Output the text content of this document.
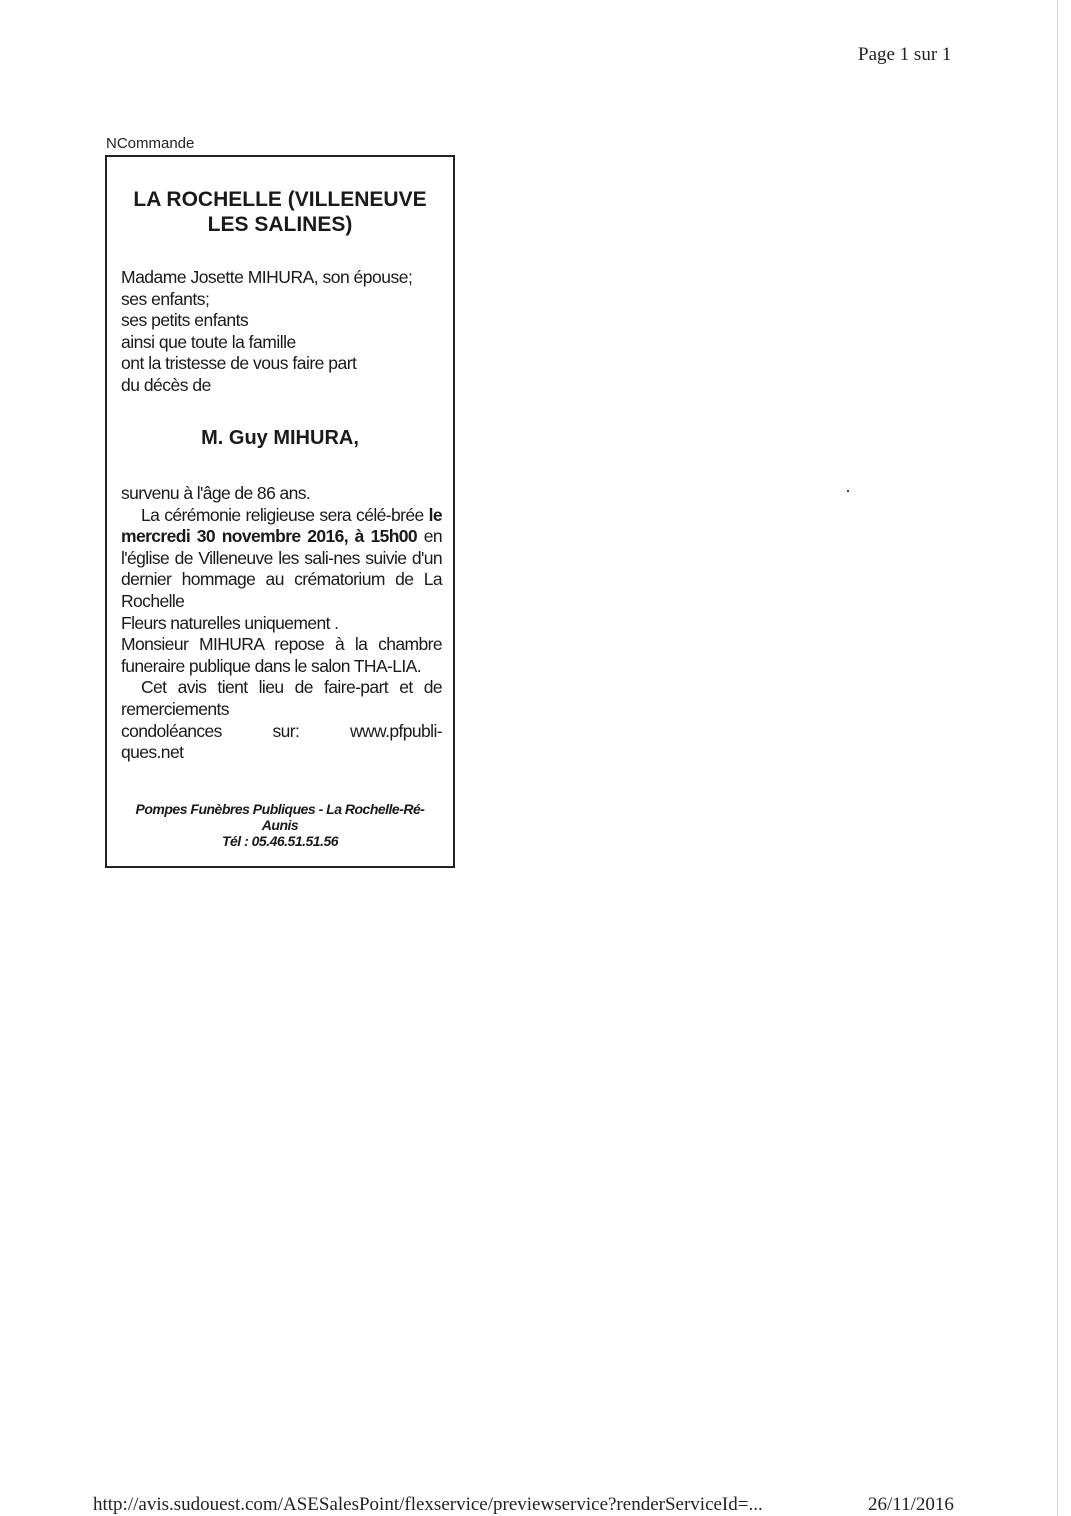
Page 1 sur 1
NCommande
LA ROCHELLE (VILLENEUVE
LES SALINES)
Madame Josette MIHURA, son épouse;
ses enfants;
ses petits enfants
ainsi que toute la famille
ont la tristesse de vous faire part
du décès de
M. Guy MIHURA,

survenu à l'âge de 86 ans.

La cérémonie religieuse sera célé-brée le mercredi 30 novembre 2016, à 15h00 en l'église de Villeneuve les sali-nes suivie d'un dernier hommage au crématorium de La Rochelle

Fleurs naturelles uniquement .

Monsieur MIHURA repose à la chambre funeraire publique dans le salon THA-LIA.

Cet avis tient lieu de faire-part et de remerciements

condoléances	sur:	www.pfpubli-

ques.net

Pompes Funèbres Publiques - La Rochelle-Ré-
Aunis
Tél : 05.46.51.51.56
http://avis.sudouest.com/ASESalesPoint/flexservice/previewservice?renderServiceId=...	26/11/2016
